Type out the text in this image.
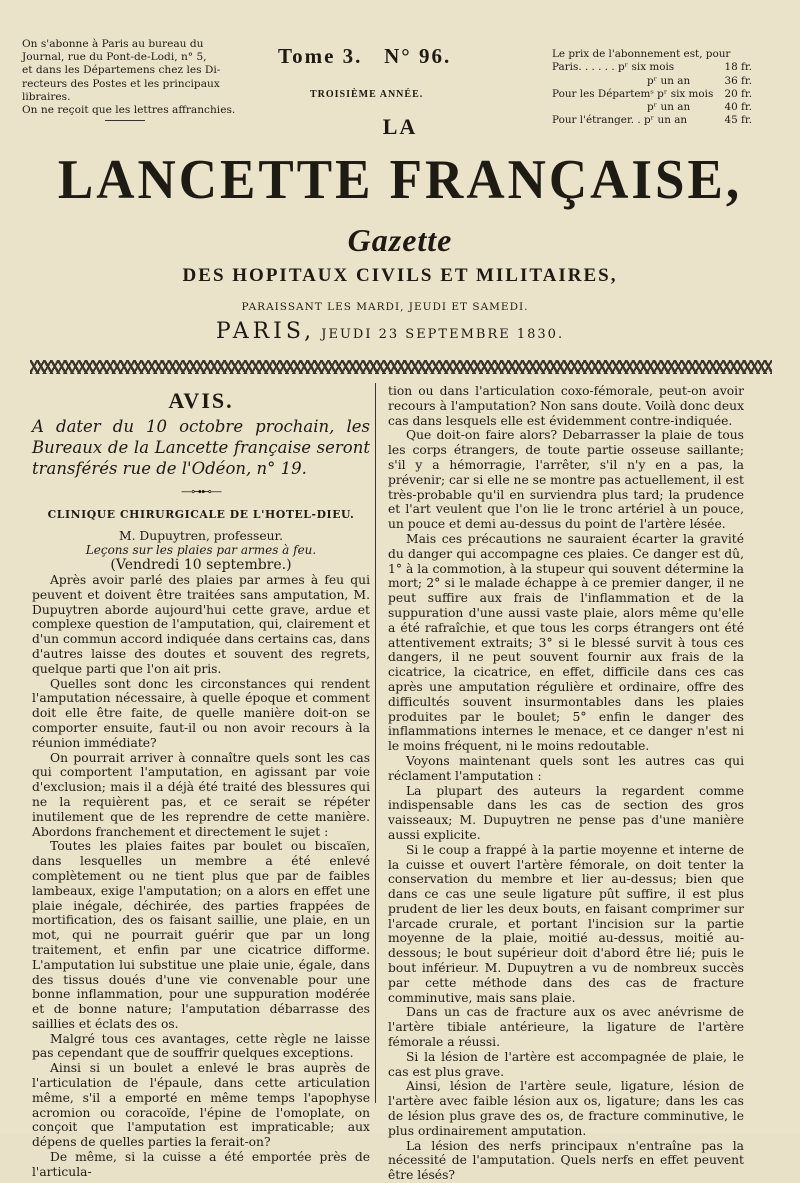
On s'abonne à Paris au bureau du
Journal, rue du Pont-de-Lodi, n° 5,
et dans les Départemens chez les Di-
recteurs des Postes et les principaux
libraires.
On ne reçoit que les lettres affranchies.
Tome 3.   N° 96.
TROISIÈME ANNÉE.
Le prix de l'abonnement est, pour
Paris. . . . . . pʳ six mois	18 fr.
pʳ un an	36 fr.
Pour les Départemˢ pʳ six mois 20 fr.
pʳ un an	40 fr.
Pour l'étranger. . pʳ un an	45 fr.
LA
LANCETTE FRANÇAISE,
Gazette
DES HOPITAUX CIVILS ET MILITAIRES,
PARAISSANT LES MARDI, JEUDI ET SAMEDI.
PARIS, JEUDI 23 SEPTEMBRE 1830.
AVIS.

A dater du 10 octobre prochain, les Bureaux de la Lancette française seront transférés rue de l'Odéon, n° 19.

—⊶⊷—
CLINIQUE CHIRURGICALE DE L'HOTEL-DIEU.

M. Dupuytren, professeur.

Leçons sur les plaies par armes à feu.

(Vendredi 10 septembre.)

Après avoir parlé des plaies par armes à feu qui peuvent et doivent être traitées sans amputation, M. Dupuytren aborde aujourd'hui cette grave, ardue et complexe question de l'amputation, qui, clairement et d'un commun accord indiquée dans certains cas, dans d'autres laisse des doutes et souvent des regrets, quelque parti que l'on ait pris.

Quelles sont donc les circonstances qui rendent l'amputation nécessaire, à quelle époque et comment doit elle être faite, de quelle manière doit-on se comporter ensuite, faut-il ou non avoir recours à la réunion immédiate?

On pourrait arriver à connaître quels sont les cas qui comportent l'amputation, en agissant par voie d'exclusion; mais il a déjà été traité des blessures qui ne la requièrent pas, et ce serait se répéter inutilement que de les reprendre de cette manière. Abordons franchement et directement le sujet :

Toutes les plaies faites par boulet ou biscaïen, dans lesquelles un membre a été enlevé complètement ou ne tient plus que par de faibles lambeaux, exige l'amputation; on a alors en effet une plaie inégale, déchirée, des parties frappées de mortification, des os faisant saillie, une plaie, en un mot, qui ne pourrait guérir que par un long traitement, et enfin par une cicatrice difforme. L'amputation lui substitue une plaie unie, égale, dans des tissus doués d'une vie convenable pour une bonne inflammation, pour une suppuration modérée et de bonne nature; l'amputation débarrasse des saillies et éclats des os.

Malgré tous ces avantages, cette règle ne laisse pas cependant que de souffrir quelques exceptions.

Ainsi si un boulet a enlevé le bras auprès de l'articulation de l'épaule, dans cette articulation même, s'il a emporté en même temps l'apophyse acromion ou coracoïde, l'épine de l'omoplate, on conçoit que l'amputation est impraticable; aux dépens de quelles parties la ferait-on?

De même, si la cuisse a été emportée près de l'articula-

tion ou dans l'articulation coxo-fémorale, peut-on avoir recours à l'amputation? Non sans doute. Voilà donc deux cas dans lesquels elle est évidemment contre-indiquée.

Que doit-on faire alors? Debarrasser la plaie de tous les corps étrangers, de toute partie osseuse saillante; s'il y a hémorragie, l'arrêter, s'il n'y en a pas, la prévenir; car si elle ne se montre pas actuellement, il est très-probable qu'il en surviendra plus tard; la prudence et l'art veulent que l'on lie le tronc artériel à un pouce, un pouce et demi au-dessus du point de l'artère lésée.

Mais ces précautions ne sauraient écarter la gravité du danger qui accompagne ces plaies. Ce danger est dû, 1° à la commotion, à la stupeur qui souvent détermine la mort; 2° si le malade échappe à ce premier danger, il ne peut suffire aux frais de l'inflammation et de la suppuration d'une aussi vaste plaie, alors même qu'elle a été rafraîchie, et que tous les corps étrangers ont été attentivement extraits; 3° si le blessé survit à tous ces dangers, il ne peut souvent fournir aux frais de la cicatrice, la cicatrice, en effet, difficile dans ces cas après une amputation régulière et ordinaire, offre des difficultés souvent insurmontables dans les plaies produites par le boulet; 5° enfin le danger des inflammations internes le menace, et ce danger n'est ni le moins fréquent, ni le moins redoutable.

Voyons maintenant quels sont les autres cas qui réclament l'amputation :

La plupart des auteurs la regardent comme indispensable dans les cas de section des gros vaisseaux; M. Dupuytren ne pense pas d'une manière aussi explicite.

Si le coup a frappé à la partie moyenne et interne de la cuisse et ouvert l'artère fémorale, on doit tenter la conservation du membre et lier au-dessus; bien que dans ce cas une seule ligature pût suffire, il est plus prudent de lier les deux bouts, en faisant comprimer sur l'arcade crurale, et portant l'incision sur la partie moyenne de la plaie, moitié au-dessus, moitié au-dessous; le bout supérieur doit d'abord être lié; puis le bout inférieur. M. Dupuytren a vu de nombreux succès par cette méthode dans des cas de fracture comminutive, mais sans plaie.

Dans un cas de fracture aux os avec anévrisme de l'artère tibiale antérieure, la ligature de l'artère fémorale a réussi.

Si la lésion de l'artère est accompagnée de plaie, le cas est plus grave.

Ainsi, lésion de l'artère seule, ligature, lésion de l'artère avec faible lésion aux os, ligature; dans les cas de lésion plus grave des os, de fracture comminutive, le plus ordinairement amputation.

La lésion des nerfs principaux n'entraîne pas la nécessité de l'amputation. Quels nerfs en effet peuvent être lésés?
